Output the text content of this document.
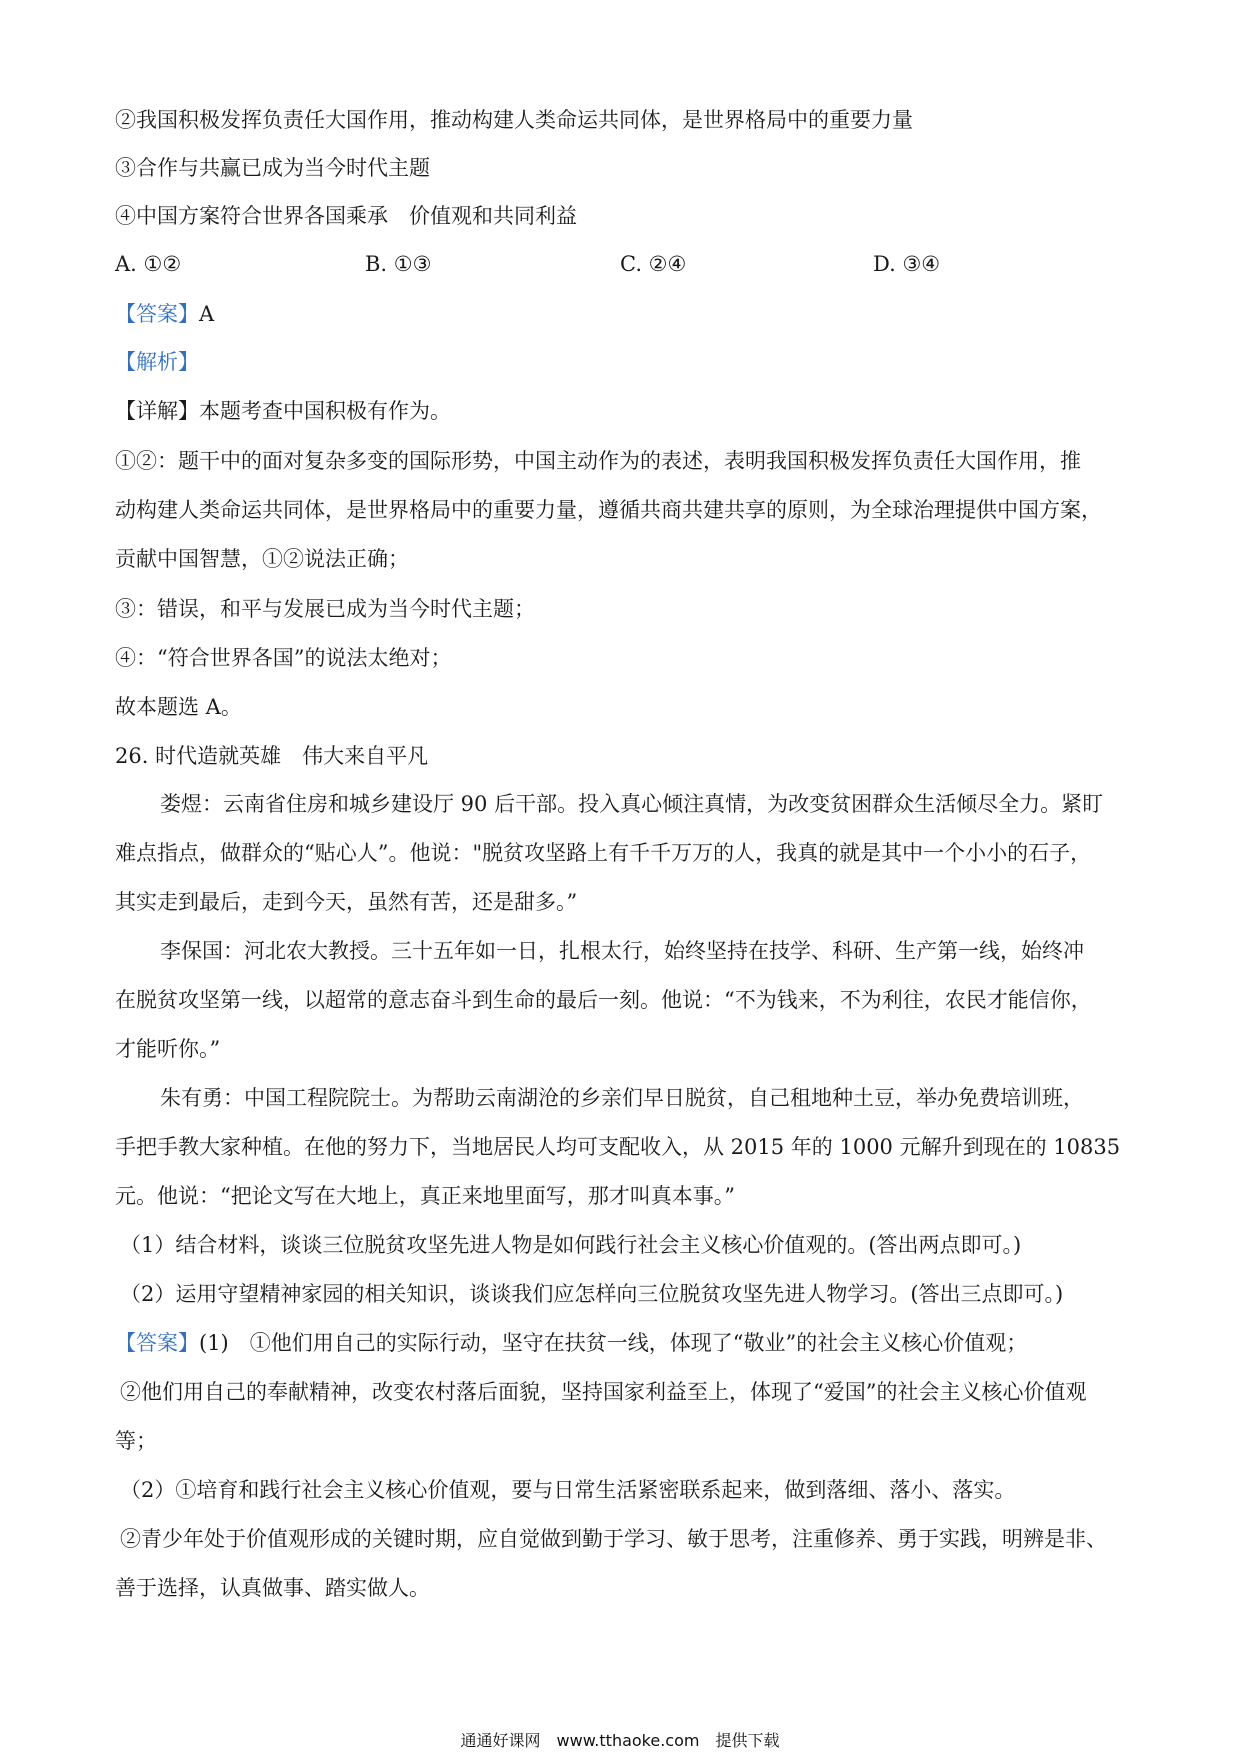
②我国积极发挥负责任大国作用，推动构建人类命运共同体，是世界格局中的重要力量
③合作与共赢已成为当今时代主题
④中国方案符合世界各国乘承　价值观和共同利益
A. ①②	B. ①③	C. ②④	D. ③④
【答案】A
【解析】
【详解】本题考查中国积极有作为。
①②：题干中的面对复杂多变的国际形势，中国主动作为的表述，表明我国积极发挥负责任大国作用，推
动构建人类命运共同体，是世界格局中的重要力量，遵循共商共建共享的原则，为全球治理提供中国方案，
贡献中国智慧，①②说法正确；
③：错误，和平与发展已成为当今时代主题；
④：“符合世界各国”的说法太绝对；
故本题选 A。
26. 时代造就英雄　伟大来自平凡
娄煜：云南省住房和城乡建设厅 90 后干部。投入真心倾注真情，为改变贫困群众生活倾尽全力。紧盯
难点指点，做群众的“贴心人”。他说："脱贫攻坚路上有千千万万的人，我真的就是其中一个小小的石子，
其实走到最后，走到今天，虽然有苦，还是甜多。”
李保国：河北农大教授。三十五年如一日，扎根太行，始终坚持在技学、科研、生产第一线，始终冲
在脱贫攻坚第一线，以超常的意志奋斗到生命的最后一刻。他说：“不为钱来，不为利往，农民才能信你，
才能听你。”
朱有勇：中国工程院院士。为帮助云南湖沧的乡亲们早日脱贫，自己租地种土豆，举办免费培训班，
手把手教大家种植。在他的努力下，当地居民人均可支配收入，从 2015 年的 1000 元解升到现在的 10835
元。他说：“把论文写在大地上，真正来地里面写，那才叫真本事。”
（1）结合材料，谈谈三位脱贫攻坚先进人物是如何践行社会主义核心价值观的。(答出两点即可。)
（2）运用守望精神家园的相关知识，谈谈我们应怎样向三位脱贫攻坚先进人物学习。(答出三点即可。)
【答案】(1)　①他们用自己的实际行动，坚守在扶贫一线，体现了“敬业”的社会主义核心价值观；
②他们用自己的奉献精神，改变农村落后面貌，坚持国家利益至上，体现了“爱国”的社会主义核心价值观
等；
（2）①培育和践行社会主义核心价值观，要与日常生活紧密联系起来，做到落细、落小、落实。
②青少年处于价值观形成的关键时期，应自觉做到勤于学习、敏于思考，注重修养、勇于实践，明辨是非、
善于选择，认真做事、踏实做人。
通通好课网　www.tthaoke.com　提供下载
